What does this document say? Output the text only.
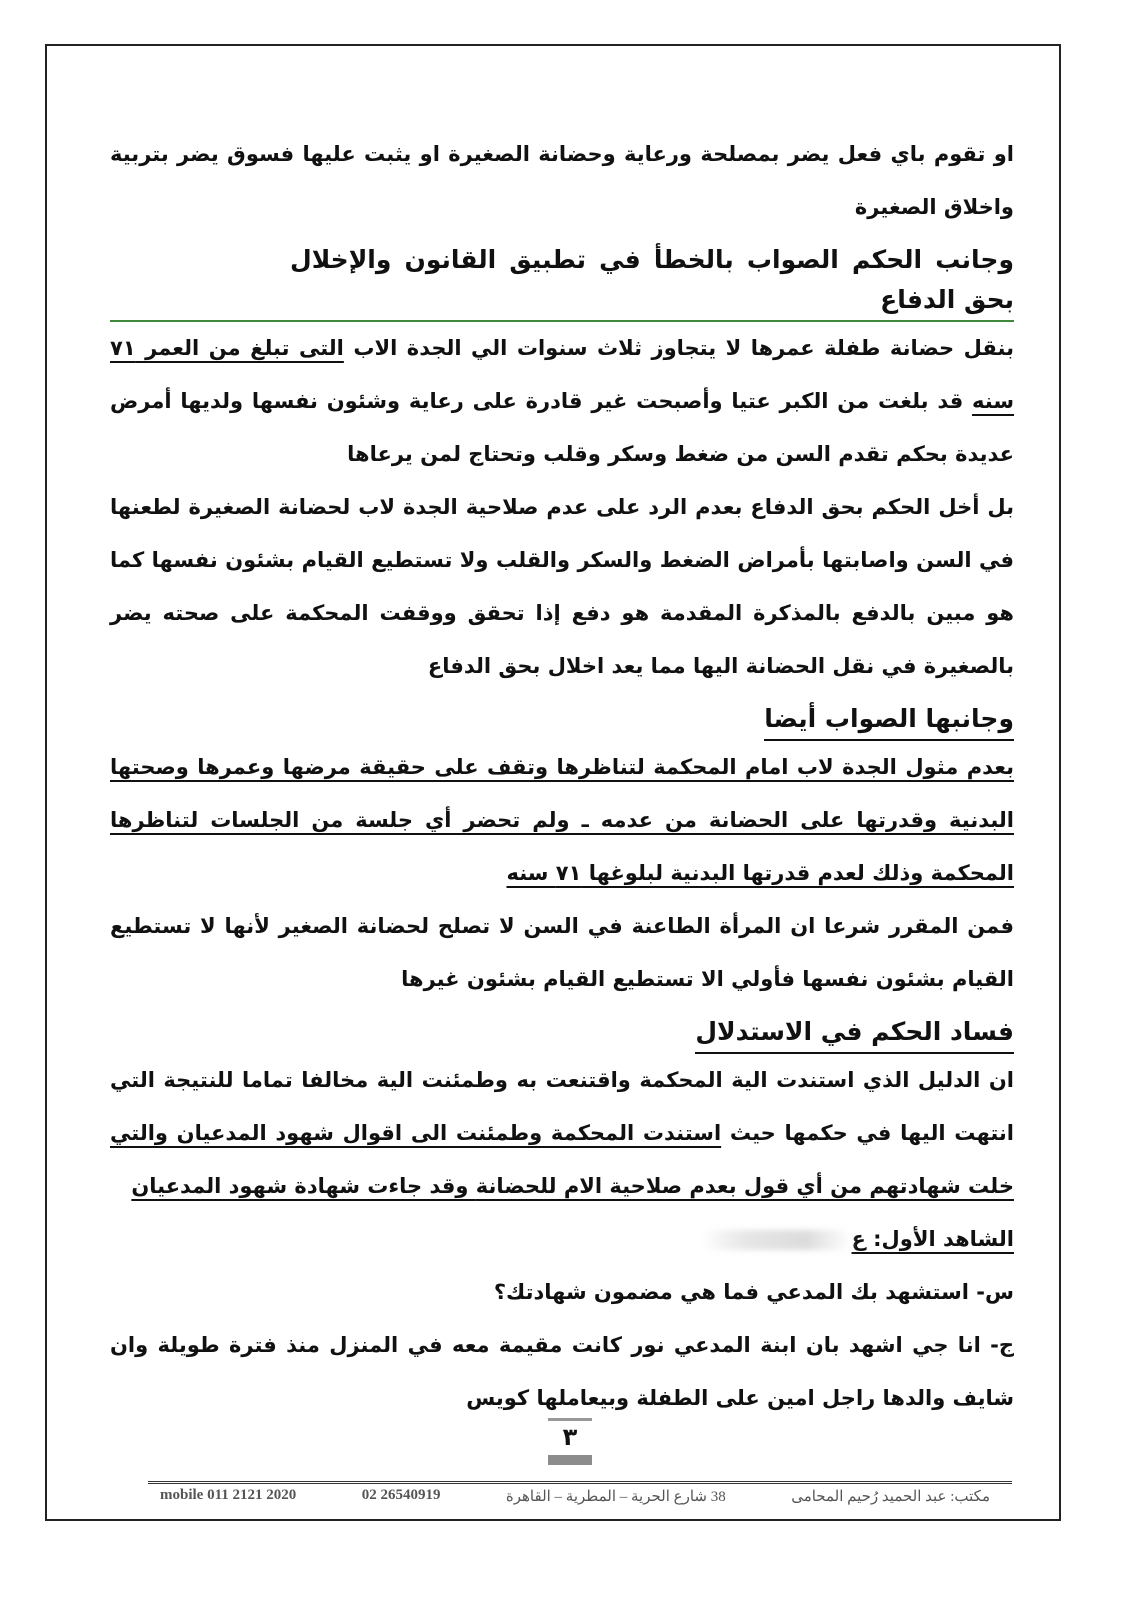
او تقوم باي فعل يضر بمصلحة ورعاية وحضانة الصغيرة او يثبت عليها فسوق يضر بتربية واخلاق الصغيرة

وجانب الحكم الصواب بالخطأ في تطبيق القانون والإخلال بحق الدفاع

بنقل حضانة طفلة عمرها لا يتجاوز ثلاث سنوات الي الجدة الاب التى تبلغ من العمر ٧١ سنه قد بلغت من الكبر عتيا وأصبحت غير قادرة على رعاية وشئون نفسها ولديها أمرض عديدة بحكم تقدم السن من ضغط وسكر وقلب وتحتاج لمن يرعاها

بل أخل الحكم بحق الدفاع بعدم الرد على عدم صلاحية الجدة لاب لحضانة الصغيرة لطعنها في السن واصابتها بأمراض الضغط والسكر والقلب ولا تستطيع القيام بشئون نفسها كما هو مبين بالدفع بالمذكرة المقدمة هو دفع إذا تحقق ووقفت المحكمة على صحته يضر بالصغيرة في نقل الحضانة اليها مما يعد اخلال بحق الدفاع

وجانبها الصواب أيضا

بعدم مثول الجدة لاب امام المحكمة لتناظرها وتقف على حقيقة مرضها وعمرها وصحتها البدنية وقدرتها على الحضانة من عدمه ـ ولم تحضر أي جلسة من الجلسات لتناظرها المحكمة وذلك لعدم قدرتها البدنية لبلوغها ٧١ سنه

فمن المقرر شرعا ان المرأة الطاعنة في السن لا تصلح لحضانة الصغير لأنها لا تستطيع القيام بشئون نفسها فأولي الا تستطيع القيام بشئون غيرها

فساد الحكم في الاستدلال

ان الدليل الذي استندت الية المحكمة واقتنعت به وطمئنت الية مخالفا تماما للنتيجة التي انتهت اليها في حكمها حيث استندت المحكمة وطمئنت الى اقوال شهود المدعيان والتي خلت شهادتهم من أي قول بعدم صلاحية الام للحضانة وقد جاءت شهادة شهود المدعيان

الشاهد الأول: ع

س- استشهد بك المدعي فما هي مضمون شهادتك؟

ج- انا جي اشهد بان ابنة المدعي نور كانت مقيمة معه في المنزل منذ فترة طويلة وان شايف والدها راجل امين على الطفلة وبيعاملها كويس

٣
مكتب: عبد الحميد رُحيم المحامى
38 شارع الحرية – المطرية – القاهرة
02 26540919
mobile 011 2121 2020
